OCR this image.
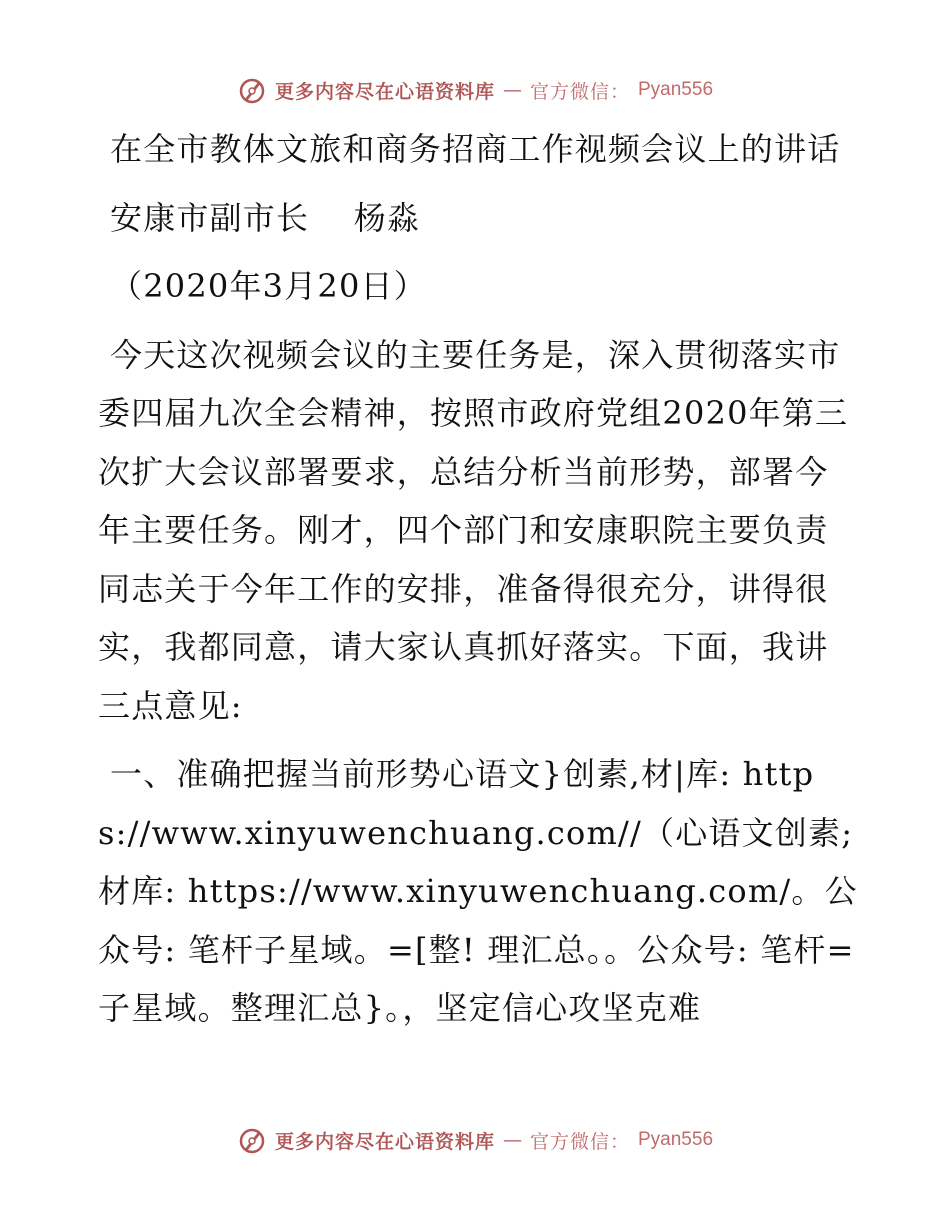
更多内容尽在心语资料库 — 官方微信： Pyan556

在全市教体文旅和商务招商工作视频会议上的讲话

安康市副市长　 杨淼

（2020年3月20日）

今天这次视频会议的主要任务是，深入贯彻落实市委四届九次全会精神，按照市政府党组2020年第三次扩大会议部署要求，总结分析当前形势，部署今年主要任务。刚才，四个部门和安康职院主要负责同志关于今年工作的安排，准备得很充分，讲得很实，我都同意，请大家认真抓好落实。下面，我讲三点意见:

一、准确把握当前形势心语文}创素,材|库: https://www.xinyuwenchuang.com//（心语文创素;材库: https://www.xinyuwenchuang.com/。公众号: 笔杆子星域。=[整! 理汇总。。公众号: 笔杆=子星域。整理汇总}。，坚定信心攻坚克难

更多内容尽在心语资料库 — 官方微信： Pyan556
